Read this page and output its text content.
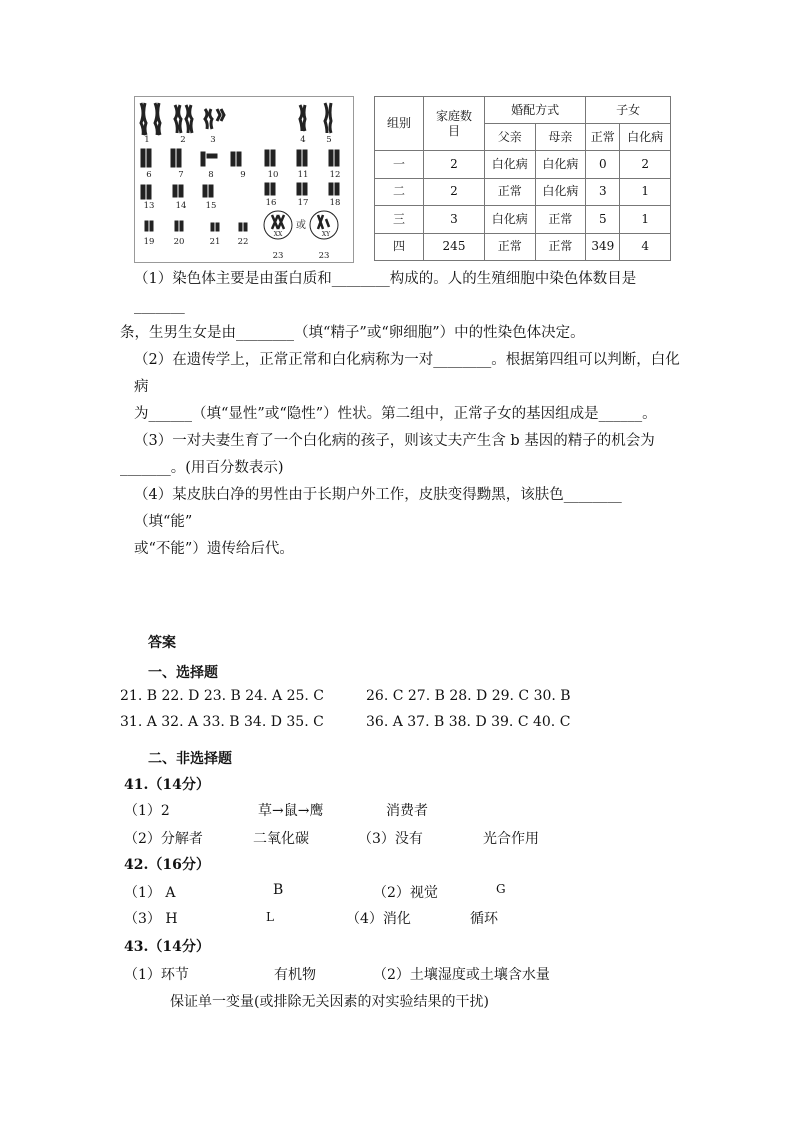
1	2	3	4 5
6	7	8	9	10 11 12
13 14 15	16 17 18
19 20	21 22
23	23
XX	XY
或
组别	家庭数目	婚配方式		子女	
		父亲	母亲	正常	白化病
一	2	白化病	白化病	0	2
二	2	正常	白化病	3	1
三	3	白化病	正常	5	1
四	245	正常	正常	349	4
（1）染色体主要是由蛋白质和________构成的。人的生殖细胞中染色体数目是_______
条，生男生女是由________（填“精子”或“卵细胞”）中的性染色体决定。
（2）在遗传学上，正常正常和白化病称为一对________。根据第四组可以判断，白化病
为______（填“显性”或“隐性”）性状。第二组中，正常子女的基因组成是______。
（3）一对夫妻生育了一个白化病的孩子，则该丈夫产生含 b 基因的精子的机会为
_______。(用百分数表示)
（4）某皮肤白净的男性由于长期户外工作，皮肤变得黝黑，该肤色________（填“能”
或“不能”）遗传给后代。
答案
一、选择题
21. B 22. D 23. B 24. A 25. C	26. C 27. B 28. D 29. C 30. B
31. A 32. A 33. B 34. D 35. C	36. A 37. B 38. D 39. C 40. C
二、非选择题
41.（14分）
（1）2	草→鼠→鹰	消费者
（2）分解者	二氧化碳	（3）没有	光合作用
42.（16分）
（1） A	B	（2）视觉	G
（3） H	L	（4）消化	循环
43.（14分）
（1）环节	有机物	（2）土壤湿度或土壤含水量
保证单一变量(或排除无关因素的对实验结果的干扰)
